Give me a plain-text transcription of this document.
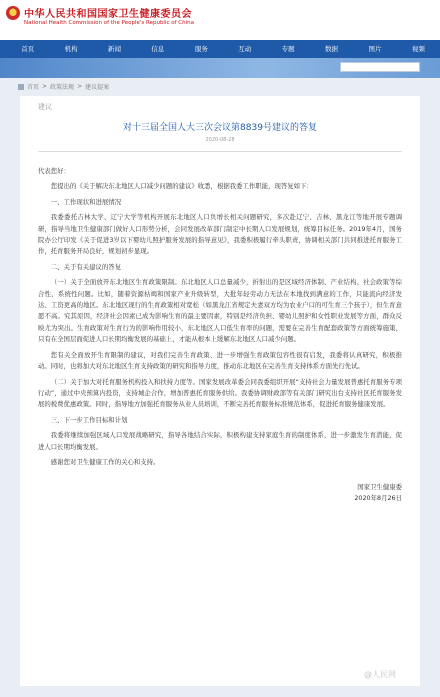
中华人民共和国国家卫生健康委员会
National Health Commission of the People's Republic of China
首页	机构	新闻	信息	服务	互动	专题	数据	图片	视频
首页 > 政策法规 > 建议提案
建议
对十三届全国人大三次会议第8839号建议的答复
2020-08-28

代表您好：

您提出的《关于解决东北地区人口减少问题的建议》收悉，根据我委工作职能，现答复如下：

一、工作现状和进展情况

我委委托吉林大学、辽宁大学等机构开展东北地区人口负增长相关问题研究，多次赴辽宁、吉林、黑龙江等地开展专题调研，指导当地卫生健康部门做好人口形势分析，会同发展改革部门制定中长期人口发展规划，统筹目标任务。2019年4月，国务院办公厅印发《关于促进3岁以下婴幼儿照护服务发展的指导意见》，我委积极履行牵头职责，协调相关部门共同推进托育服务工作，托育服务开局良好，规划初步显现。

二、关于有关建议的答复

（一）关于全面放开东北地区生育政策限制。东北地区人口总量减少，折射出的是区域经济体制、产业结构、社会政策等综合性、系统性问题。比如，随着资源枯竭和国家产业升级转型，大批年轻劳动力无法在本地找到满意的工作，只能流向经济发达、工资更高的地区。东北地区现行的生育政策相对宽松（如黑龙江省规定夫妻双方均为农业户口的可生育三个孩子），但生育意愿不高。究其原因，经济社会因素已成为影响生育的最主要因素，特别是经济负担、婴幼儿照护和女性职业发展等方面，群众反映尤为突出。生育政策对生育行为的影响作用较小，东北地区人口低生育率的问题，需要在完善生育配套政策等方面统筹施策，只有在全国层面促进人口长期均衡发展的基础上，才能从根本上缓解东北地区人口减少问题。

您有关全面放开生育限制的建议，对我们完善生育政策、进一步增强生育政策包容性很有启发，我委将认真研究，积极推动。同时，也将加大对东北地区生育支持政策的研究和指导力度，推动东北地区在完善生育支持体系方面先行先试。

（二）关于加大对托育服务机构投入和扶持力度等。国家发展改革委会同我委组织开展“支持社会力量发展普惠托育服务专项行动”，通过中央预算内投资，支持城企合作，增加普惠托育服务供给。我委协调财政部等有关部门研究出台支持社区托育服务发展的税费优惠政策。同时，指导地方加强托育服务从业人员培训，不断完善托育服务标准规范体系，促进托育服务健康发展。

三、下一步工作目标和计划

我委将继续加强区域人口发展战略研究，指导各地结合实际，积极构建支持家庭生育的制度体系，进一步激发生育潜能，促进人口长期均衡发展。

感谢您对卫生健康工作的关心和支持。

国家卫生健康委
2020年8月26日
@人民网
